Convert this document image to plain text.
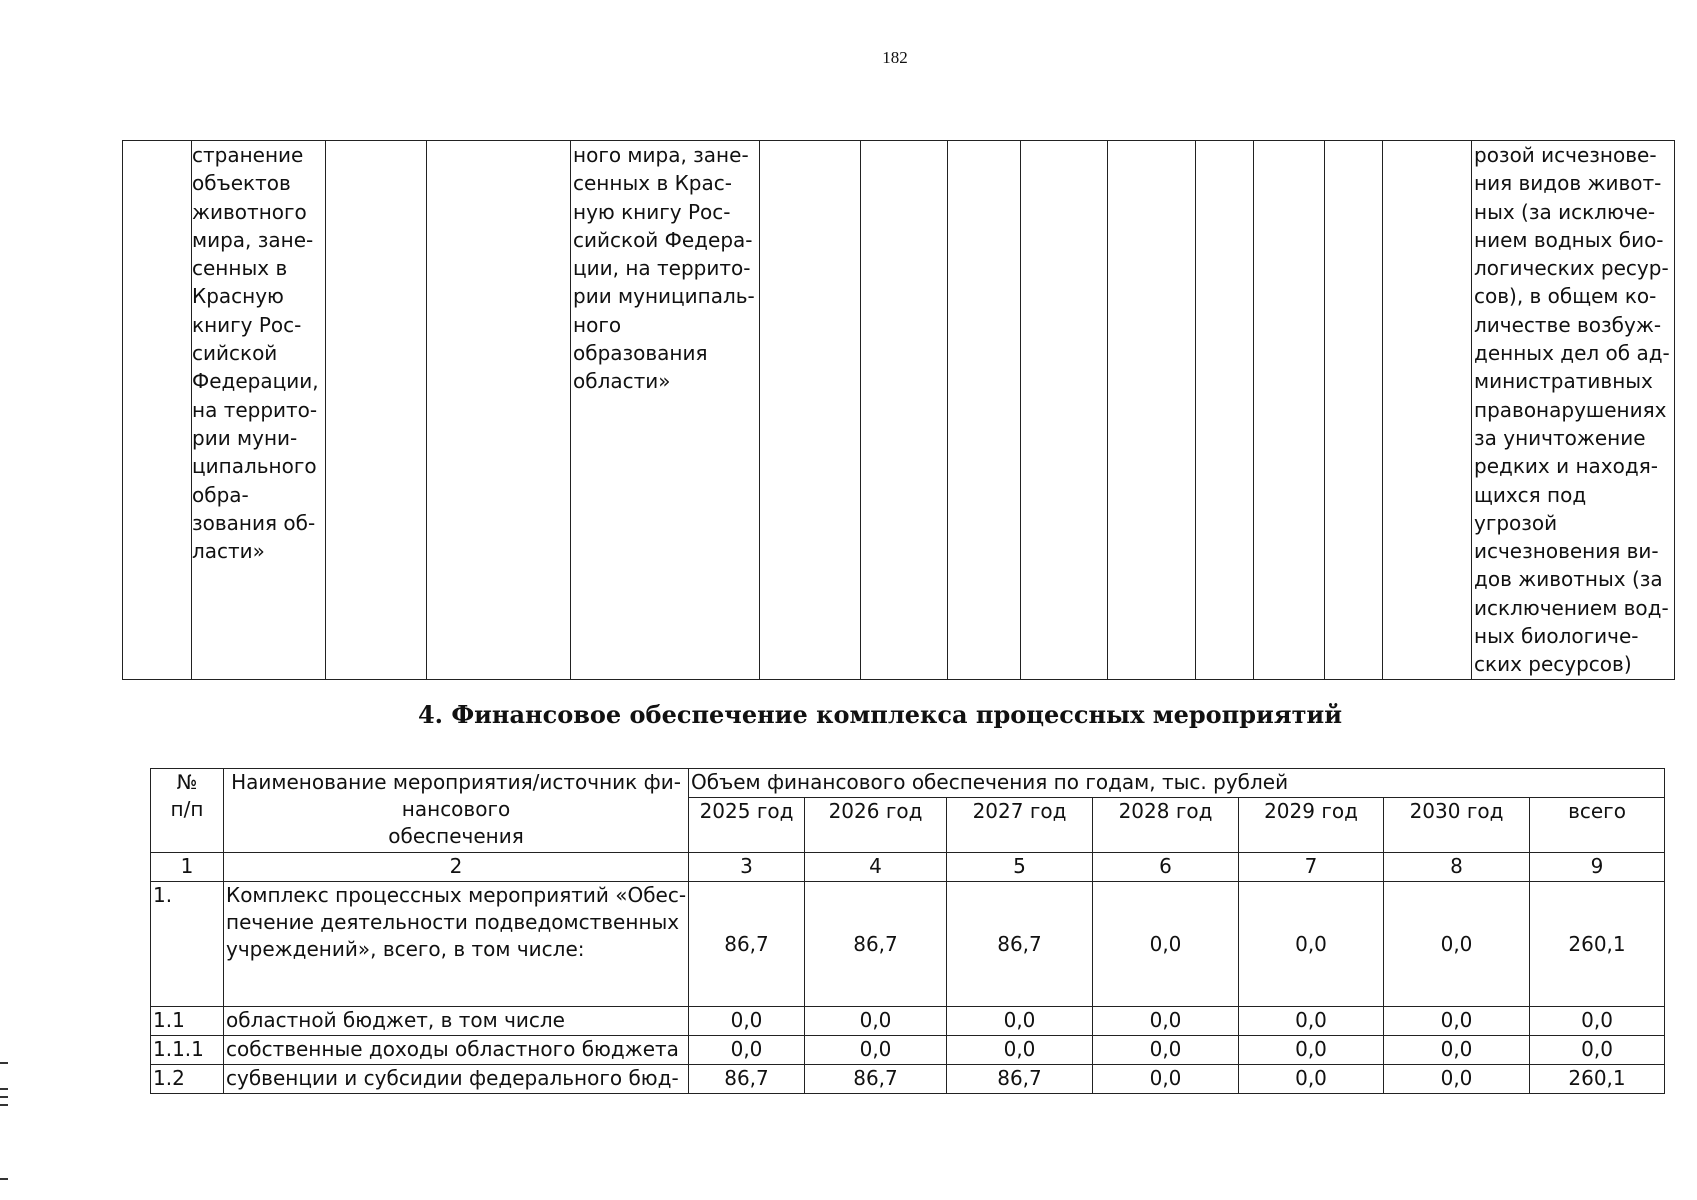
182
	странение
объектов
животного
мира, зане-
сенных в
Красную
книгу Рос-
сийской
Федерации,
на террито-
рии муни-
ципального
обра-
зования об-
ласти»			ного мира, зане-
сенных в Крас-
ную книгу Рос-
сийской Федера-
ции, на террито-
рии муниципаль-
ного образования
области»											розой исчезнове-
ния видов живот-
ных (за исключе-
нием водных био-
логических ресур-
сов), в общем ко-
личестве возбуж-
денных дел об ад-
министративных
правонарушениях
за уничтожение
редких и находя-
щихся под угрозой
исчезновения ви-
дов животных (за
исключением вод-
ных биологиче-
ских ресурсов)
4. Финансовое обеспечение комплекса процессных мероприятий
№
п/п	Наименование мероприятия/источник фи-
нансового
обеспечения	Объем финансового обеспечения по годам, тыс. рублей						
		2025 год	2026 год	2027 год	2028 год	2029 год	2030 год	всего
1	2	3	4	5	6	7	8	9
1.	Комплекс процессных мероприятий «Обес-
печение деятельности подведомственных
учреждений», всего, в том числе:	86,7	86,7	86,7	0,0	0,0	0,0	260,1
1.1	областной бюджет, в том числе	0,0	0,0	0,0	0,0	0,0	0,0	0,0
1.1.1	собственные доходы областного бюджета	0,0	0,0	0,0	0,0	0,0	0,0	0,0
1.2	субвенции и субсидии федерального бюд-	86,7	86,7	86,7	0,0	0,0	0,0	260,1
